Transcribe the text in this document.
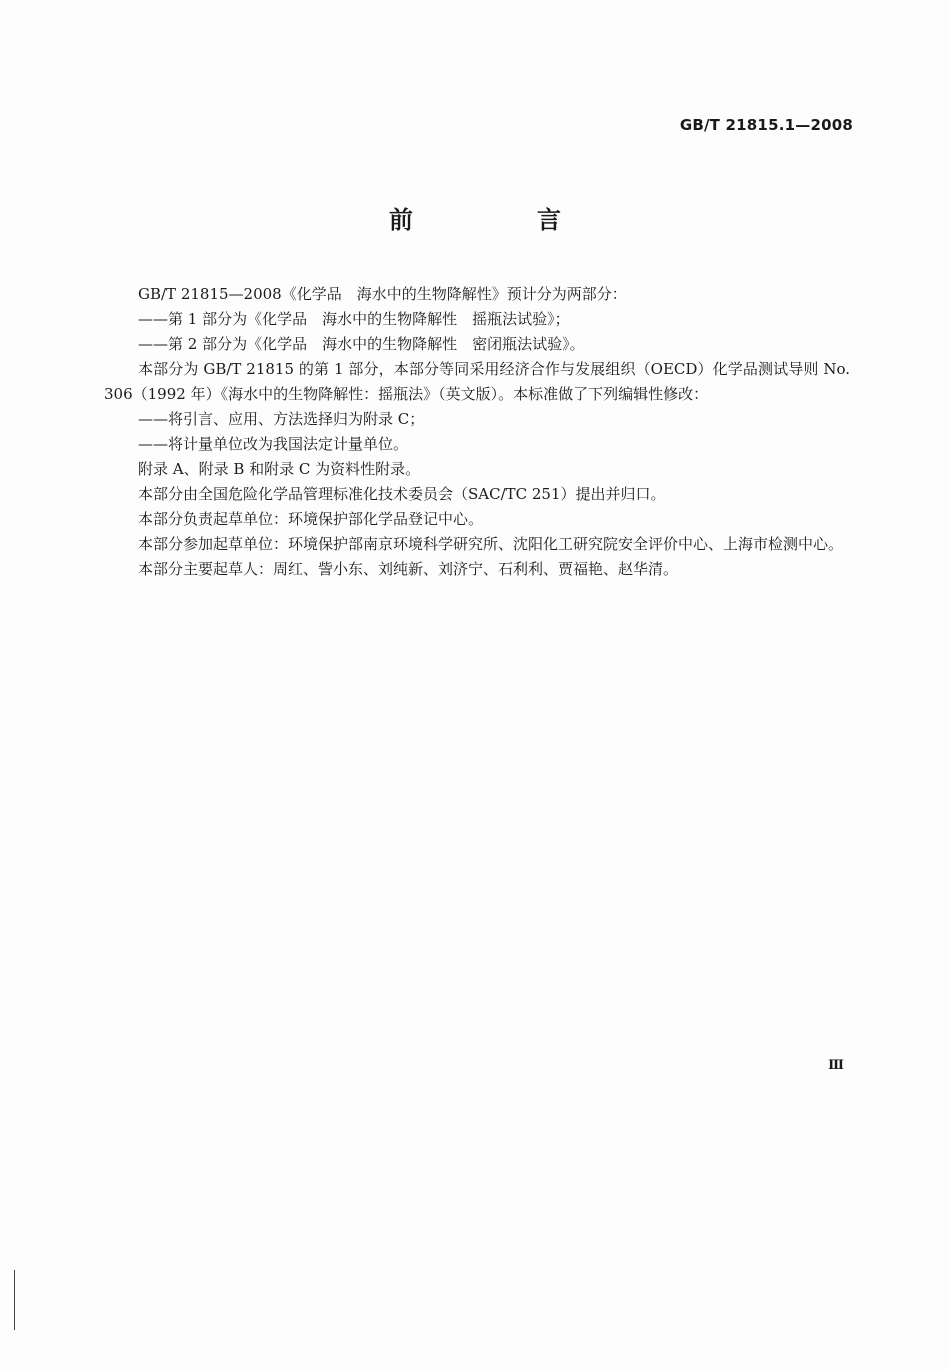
GB/T 21815.1—2008
前　言

GB/T 21815—2008《化学品　海水中的生物降解性》预计分为两部分：

——第 1 部分为《化学品　海水中的生物降解性　摇瓶法试验》；

——第 2 部分为《化学品　海水中的生物降解性　密闭瓶法试验》。

本部分为 GB/T 21815 的第 1 部分，本部分等同采用经济合作与发展组织（OECD）化学品测试导则 No. 306（1992 年）《海水中的生物降解性：摇瓶法》（英文版）。本标准做了下列编辑性修改：

——将引言、应用、方法选择归为附录 C；

——将计量单位改为我国法定计量单位。

附录 A、附录 B 和附录 C 为资料性附录。

本部分由全国危险化学品管理标准化技术委员会（SAC/TC 251）提出并归口。

本部分负责起草单位：环境保护部化学品登记中心。

本部分参加起草单位：环境保护部南京环境科学研究所、沈阳化工研究院安全评价中心、上海市检测中心。

本部分主要起草人：周红、訾小东、刘纯新、刘济宁、石利利、贾福艳、赵华清。

Ⅲ
